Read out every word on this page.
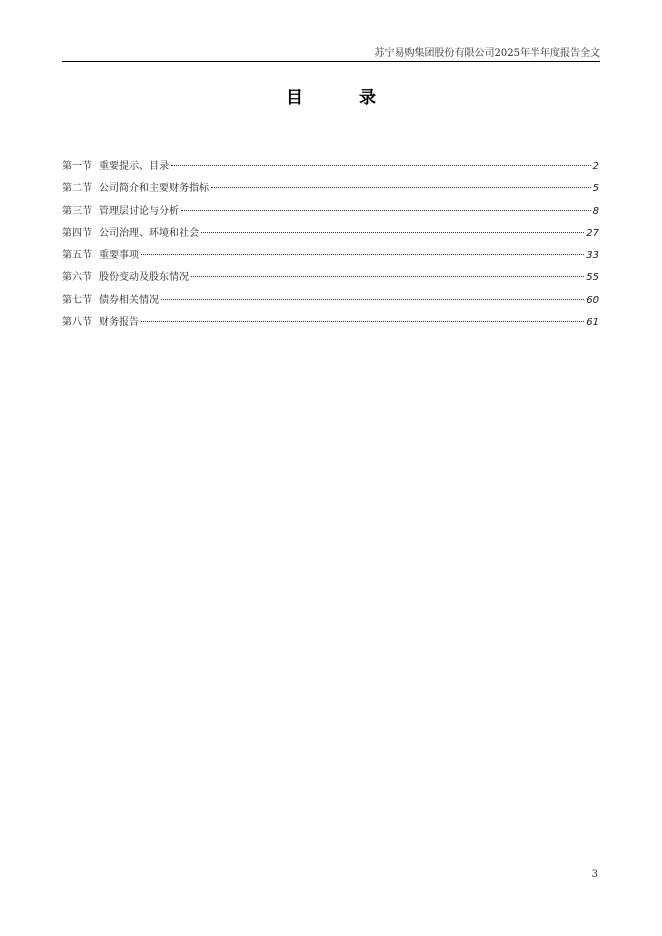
苏宁易购集团股份有限公司2025年半年度报告全文
目	录
第一节 重要提示、目录	2
第二节 公司简介和主要财务指标	5
第三节 管理层讨论与分析	8
第四节 公司治理、环境和社会	27
第五节 重要事项	33
第六节 股份变动及股东情况	55
第七节 债券相关情况	60
第八节 财务报告	61
3
